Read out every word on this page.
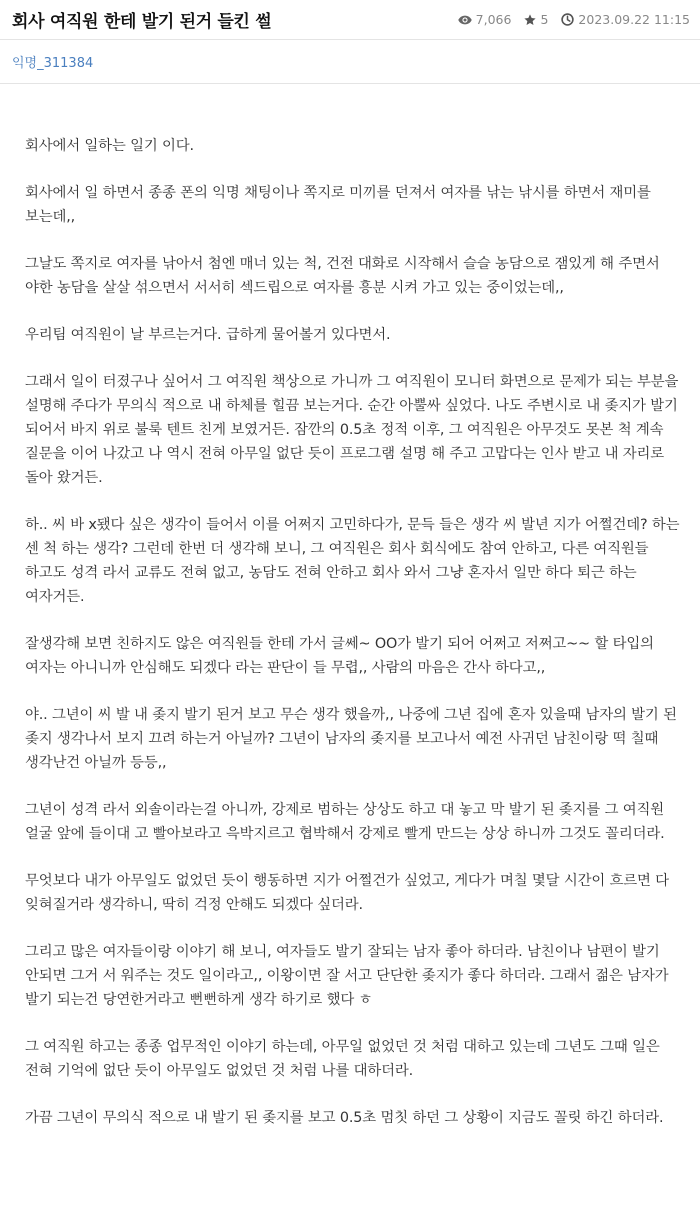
회사 여직원 한테 발기 된거 들킨 썰	7,066 5 2023.09.22 11:15
익명_311384

회사에서 일하는 일기 이다.

회사에서 일 하면서 종종 폰의 익명 채팅이나 쪽지로 미끼를 던져서 여자를 낚는 낚시를 하면서 재미를 보는데,,

그날도 쪽지로 여자를 낚아서 첨엔 매너 있는 척, 건전 대화로 시작해서 슬슬 농담으로 잼있게 해 주면서 야한 농담을 살살 섞으면서 서서히 섹드립으로 여자를 흥분 시켜 가고 있는 중이었는데,,

우리팀 여직원이 날 부르는거다. 급하게 물어볼거 있다면서.

그래서 일이 터졌구나 싶어서 그 여직원 책상으로 가니까 그 여직원이 모니터 화면으로 문제가 되는 부분을 설명해 주다가 무의식 적으로 내 하체를 힐끔 보는거다. 순간 아뿔싸 싶었다. 나도 주변시로 내 좆지가 발기 되어서 바지 위로 불룩 텐트 친게 보였거든. 잠깐의 0.5초 정적 이후, 그 여직원은 아무것도 못본 척 계속 질문을 이어 나갔고 나 역시 전혀 아무일 없단 듯이 프로그램 설명 해 주고 고맙다는 인사 받고 내 자리로 돌아 왔거든.

하.. 씨 바 x됐다 싶은 생각이 들어서 이를 어쩌지 고민하다가, 문득 들은 생각 씨 발년 지가 어쩔건데? 하는 센 척 하는 생각? 그런데 한번 더 생각해 보니, 그 여직원은 회사 회식에도 참여 안하고, 다른 여직원들 하고도 성격 라서 교류도 전혀 없고, 농담도 전혀 안하고 회사 와서 그냥 혼자서 일만 하다 퇴근 하는 여자거든.

잘생각해 보면 친하지도 않은 여직원들 한테 가서 글쎄~ OO가 발기 되어 어쩌고 저쩌고~~ 할 타입의 여자는 아니니까 안심해도 되겠다 라는 판단이 들 무렵,, 사람의 마음은 간사 하다고,,

야.. 그년이 씨 발 내 좆지 발기 된거 보고 무슨 생각 했을까,, 나중에 그년 집에 혼자 있을때 남자의 발기 된 좆지 생각나서 보지 끄려 하는거 아닐까? 그년이 남자의 좆지를 보고나서 예전 사귀던 남친이랑 떡 칠때 생각난건 아닐까 등등,,

그년이 성격 라서 외솔이라는걸 아니까, 강제로 범하는 상상도 하고 대 놓고 막 발기 된 좆지를 그 여직원 얼굴 앞에 들이대 고 빨아보라고 윽박지르고 협박해서 강제로 빨게 만드는 상상 하니까 그것도 꼴리더라.

무엇보다 내가 아무일도 없었던 듯이 행동하면 지가 어쩔건가 싶었고, 게다가 며칠 몇달 시간이 흐르면 다 잊혀질거라 생각하니, 딱히 걱정 안해도 되겠다 싶더라.

그리고 많은 여자들이랑 이야기 해 보니, 여자들도 발기 잘되는 남자 좋아 하더라. 남친이나 남편이 발기 안되면 그거 서 워주는 것도 일이라고,, 이왕이면 잘 서고 단단한 좆지가 좋다 하더라. 그래서 젊은 남자가 발기 되는건 당연한거라고 뻔뻔하게 생각 하기로 했다 ㅎ

그 여직원 하고는 종종 업무적인 이야기 하는데, 아무일 없었던 것 처럼 대하고 있는데 그년도 그때 일은 전혀 기억에 없단 듯이 아무일도 없었던 것 처럼 나를 대하더라.

가끔 그년이 무의식 적으로 내 발기 된 좆지를 보고 0.5초 멈칫 하던 그 상황이 지금도 꼴릿 하긴 하더라.
